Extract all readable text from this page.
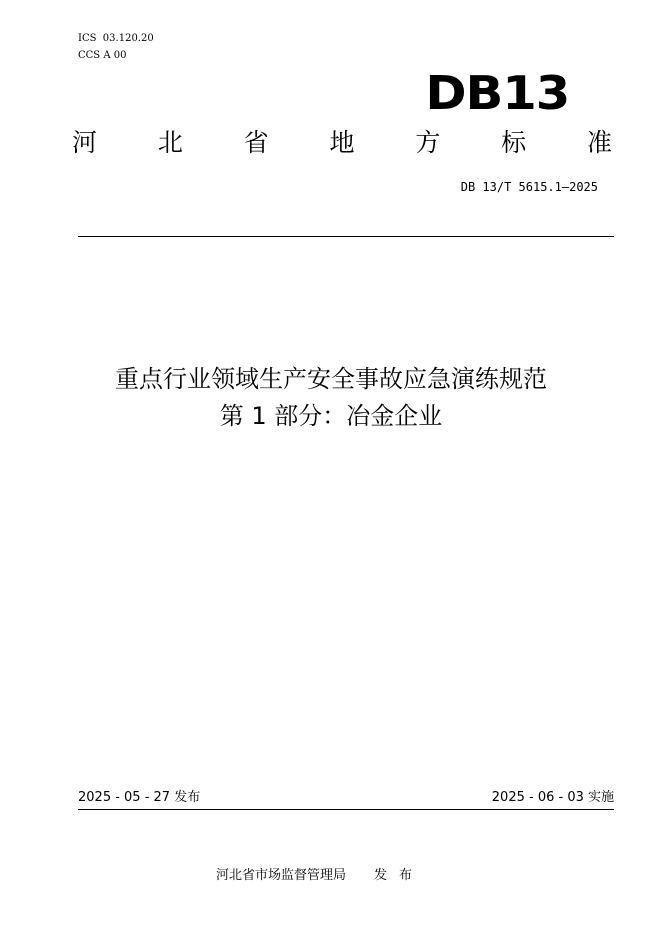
ICS  03.120.20
CCS A 00
DB13
河 北 省 地 方 标 准
DB 13/T 5615.1—2025
重点行业领域生产安全事故应急演练规范
第 1 部分：冶金企业
2025 - 05 - 27 发布	2025 - 06 - 03 实施
河北省市场监督管理局 发布
